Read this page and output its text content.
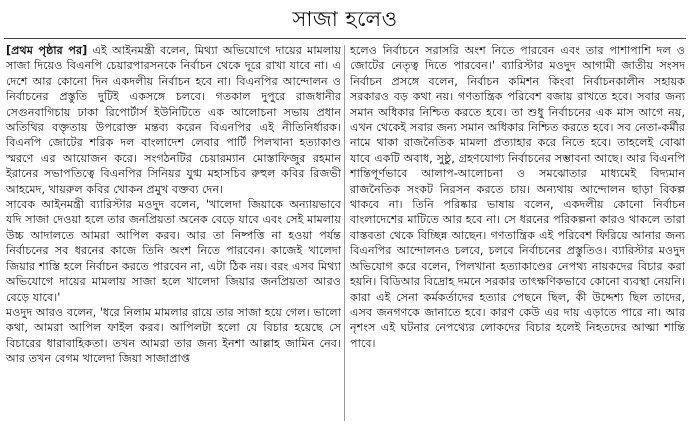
সাজা হলেও

[প্রথম পৃষ্ঠার পর] এই আইনমন্ত্রী বলেন, মিথ্যা অভিযোগে দায়ের মামলায় সাজা দিয়েও বিএনপি চেয়ারপারসনকে নির্বাচন থেকে দূরে রাখা যাবে না। এ দেশে আর কোনো দিন একদলীয় নির্বাচন হবে না। বিএনপির আন্দোলন ও নির্বাচনের প্রস্তুতি দুটিই একসঙ্গে চলবে। গতকাল দুপুরে রাজধানীর সেগুনবাগিচায় ঢাকা রিপোর্টার্স ইউনিটিতে এক আলোচনা সভায় প্রধান অতিথির বক্তৃতায় উপরোক্ত মন্তব্য করেন বিএনপির এই নীতিনির্ধারক। বিএনপি জোটের শরিক দল বাংলাদেশ লেবার পার্টি পিলখানা হত্যাকাণ্ড স্মরণে এর আয়োজন করে। সংগঠনটির চেয়ারম্যান মোস্তাফিজুর রহমান ইরানের সভাপতিত্বে বিএনপির সিনিয়র যুগ্ম মহাসচিব রুহুল কবির রিজভী আহমেদ, খায়রুল কবির খোকন প্রমুখ বক্তব্য দেন।

সাবেক আইনমন্ত্রী ব্যারিস্টার মওদুদ বলেন, 'খালেদা জিয়াকে অন্যায়ভাবে যদি সাজা দেওয়া হলে তার জনপ্রিয়তা অনেক বেড়ে যাবে এবং সেই মামলায় উচ্চ আদালতে আমরা আপিল করব। আর তা নিষ্পত্তি না হওয়া পর্যন্ত নির্বাচনের সব ধরনের কাজে তিনি অংশ নিতে পারবেন। কাজেই খালেদা জিয়ার শাস্তি হলে নির্বাচন করতে পারবেন না, এটা ঠিক নয়। বরং এসব মিথ্যা অভিযোগে দায়ের মামলায় সাজা হলে খালেদা জিয়ার জনপ্রিয়তা আরও বেড়ে যাবে।'

মওদুদ আরও বলেন, 'ধরে নিলাম মামলার রায়ে তার সাজা হয়ে গেল। ভালো কথা, আমরা আপিল ফাইল করব। আপিলটা হলো যে বিচার হয়েছে সে বিচারের ধারাবাহিকতা। তখন আমরা তার জন্য ইনশা আল্লাহ জামিন নেব। আর তখন বেগম খালেদা জিয়া সাজাপ্রাপ্ত

হলেও নির্বাচনে সরাসরি অংশ নিতে পারবেন এবং তার পাশাপাশি দল ও জোটের নেতৃত্ব দিতে পারবেন।' ব্যারিস্টার মওদুদ আগামী জাতীয় সংসদ নির্বাচন প্রসঙ্গে বলেন, নির্বাচন কমিশন কিংবা নির্বাচনকালীন সহায়ক সরকারও বড় কথা নয়। গণতান্ত্রিক পরিবেশ বজায় রাখতে হবে। সবার জন্য সমান অধিকার নিশ্চিত করতে হবে। তা শুধু নির্বাচনের এক মাস আগে নয়, এখন থেকেই সবার জন্য সমান অধিকার নিশ্চিত করতে হবে। সব নেতা-কর্মীর নামে থাকা রাজনৈতিক মামলা প্রত্যাহার করে নিতে হবে। তাহলেই বোঝা যাবে একটি অবাধ, সুষ্ঠু, গ্রহণযোগ্য নির্বাচনের সম্ভাবনা আছে। আর বিএনপি শান্তিপূর্ণভাবে আলাপ-আলোচনা ও সমঝোতার মাধ্যমেই বিদ্যমান রাজনৈতিক সংকট নিরসন করতে চায়। অন্যথায় আন্দোলন ছাড়া বিকল্প থাকবে না। তিনি পরিষ্কার ভাষায় বলেন, একদলীয় কোনো নির্বাচন বাংলাদেশের মাটিতে আর হবে না। সে ধরনের পরিকল্পনা কারও থাকলে তারা বাস্তবতা থেকে বিচ্ছিন্ন আছেন। গণতান্ত্রিক এই পরিবেশ ফিরিয়ে আনার জন্য বিএনপির আন্দোলনও চলবে, চলবে নির্বাচনের প্রস্তুতিও। ব্যারিস্টার মওদুদ অভিযোগ করে বলেন, পিলখানা হত্যাকাণ্ডের নেপথ্য নায়কদের বিচার করা হয়নি। বিডিআর বিদ্রোহ দমনে সরকার তাৎক্ষণিকভাবে কোনো ব্যবস্থা নেয়নি। কারা এই সেনা কর্মকর্তাদের হত্যার পেছনে ছিল, কী উদ্দেশ্য ছিল তাদের, এসব জনগণকে জানাতে হবে। কারণ কেউ এর দায় এড়াতে পারে না। আর নৃশংস এই ঘটনার নেপথ্যের লোকদের বিচার হলেই নিহতদের আত্মা শান্তি পাবে।
